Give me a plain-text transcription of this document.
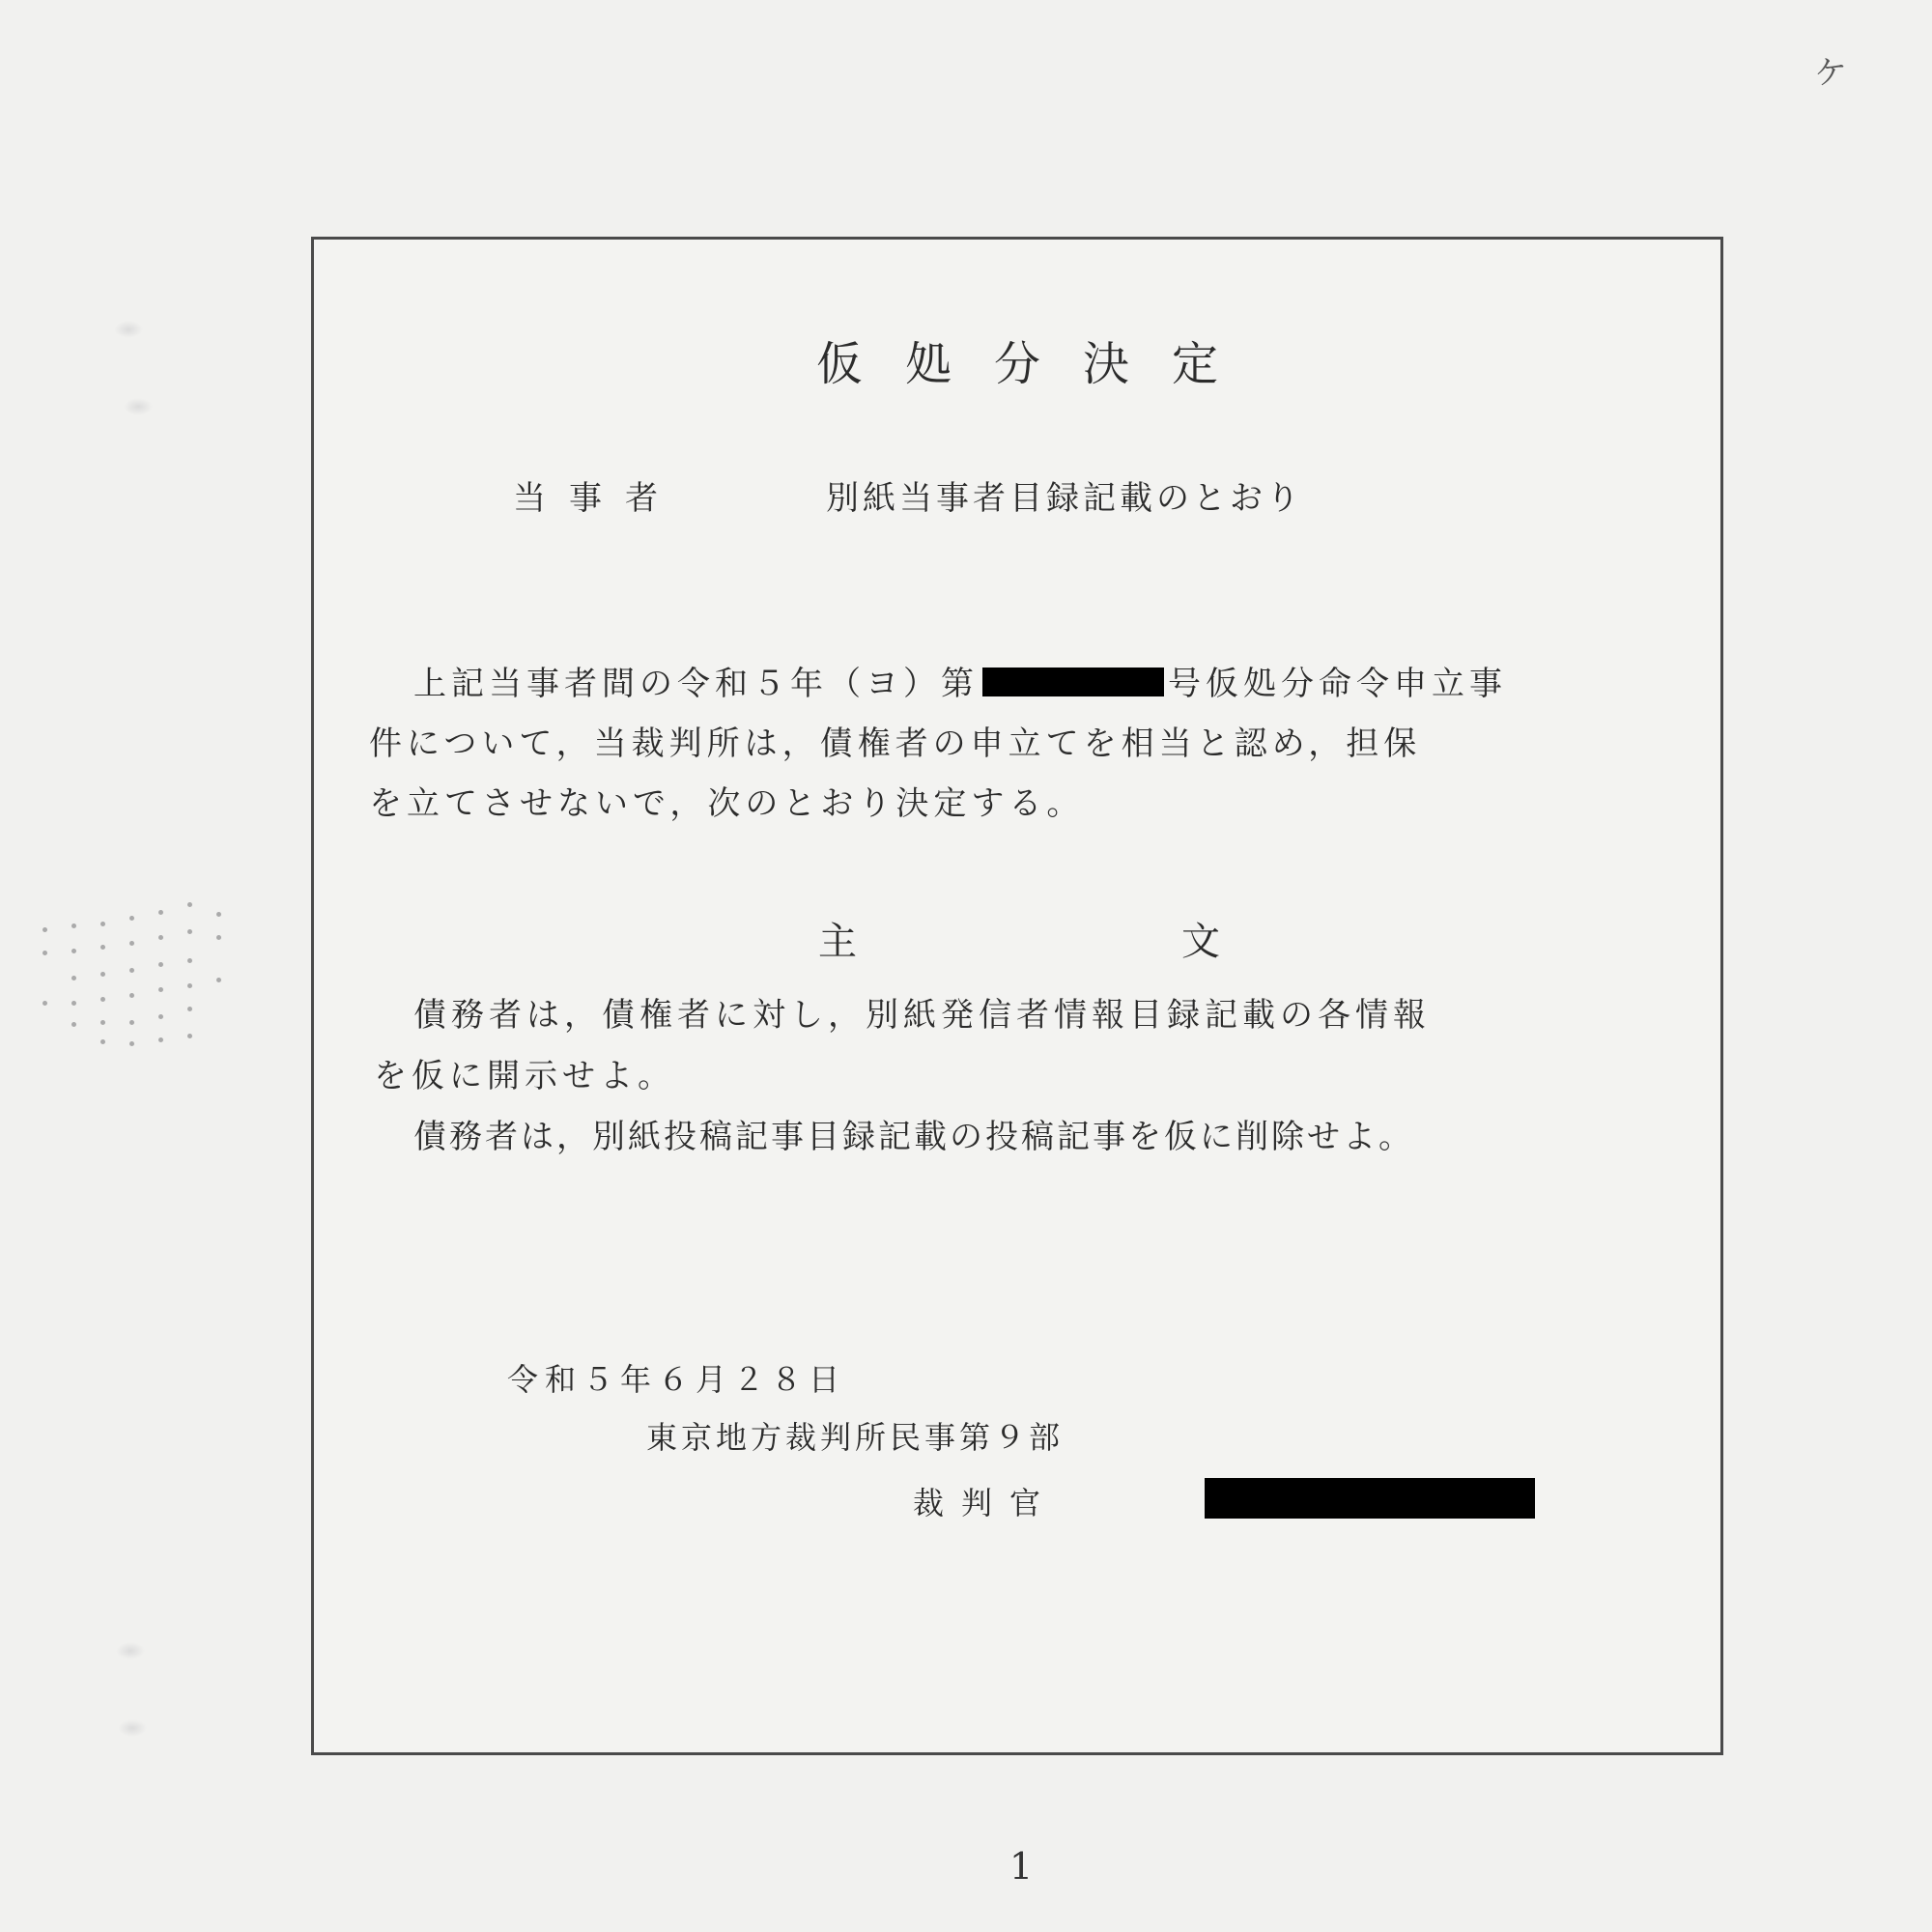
ケ
仮処分決定
当事者	別紙当事者目録記載のとおり
上記当事者間の令和５年（ヨ）第	号仮処分命令申立事
件について，当裁判所は，債権者の申立てを相当と認め，担保
を立てさせないで，次のとおり決定する。
主	文
債務者は，債権者に対し，別紙発信者情報目録記載の各情報
を仮に開示せよ。
債務者は，別紙投稿記事目録記載の投稿記事を仮に削除せよ。
令和５年６月２８日
東京地方裁判所民事第９部
裁判官
1
